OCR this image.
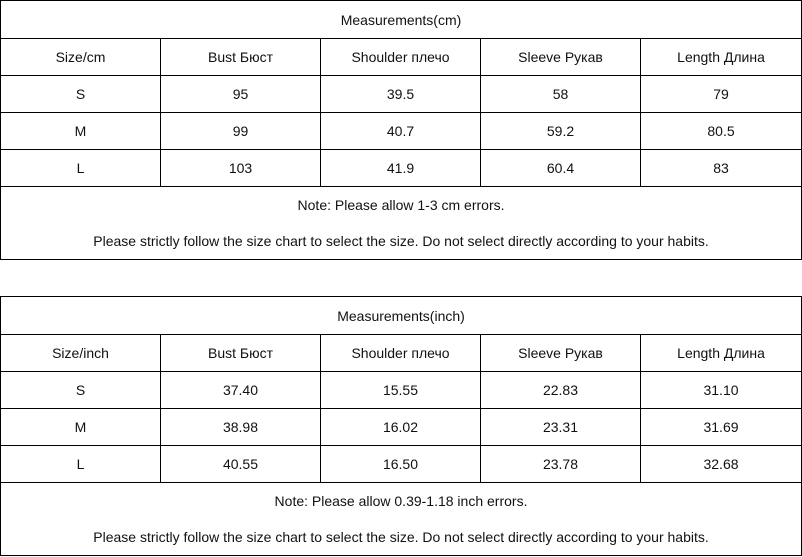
Measurements(cm)				
Size/cm	Bust Бюст	Shoulder плечо	Sleeve Рукав	Length Длина
S	95	39.5	58	79
M	99	40.7	59.2	80.5
L	103	41.9	60.4	83
Note: Please allow 1-3 cm errors.				
Please strictly follow the size chart to select the size. Do not select directly according to your habits.				
Measurements(inch)				
Size/inch	Bust Бюст	Shoulder плечо	Sleeve Рукав	Length Длина
S	37.40	15.55	22.83	31.10
M	38.98	16.02	23.31	31.69
L	40.55	16.50	23.78	32.68
Note: Please allow 0.39-1.18 inch errors.				
Please strictly follow the size chart to select the size. Do not select directly according to your habits.				
